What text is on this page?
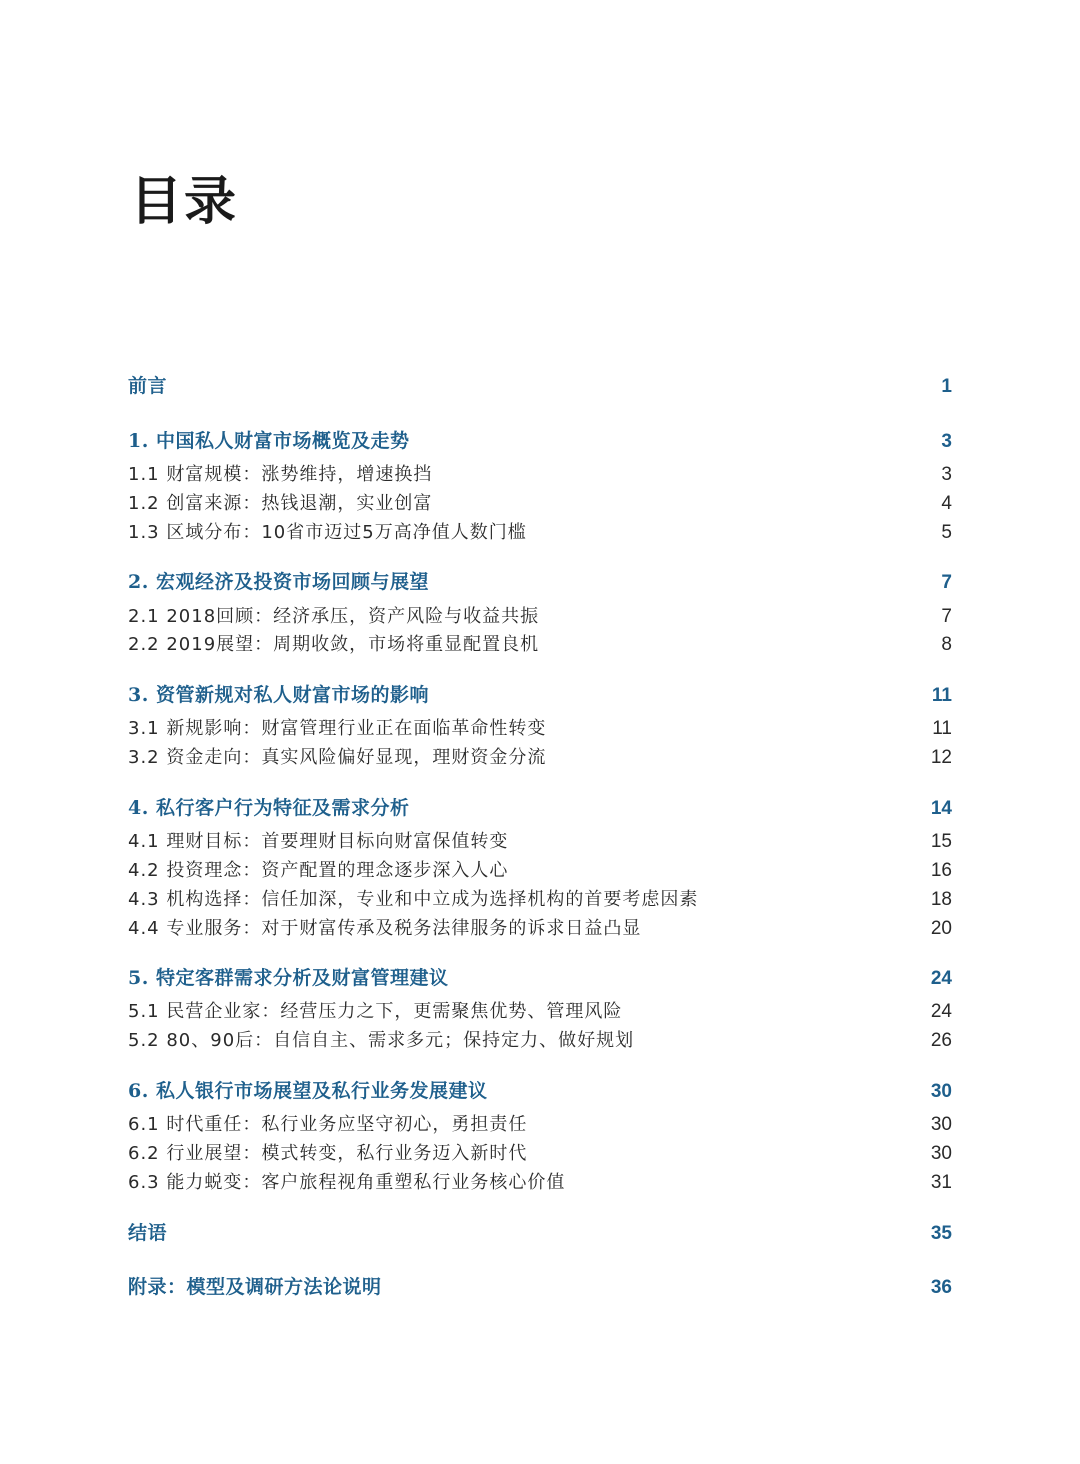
目录
前言	1
1. 中国私人财富市场概览及走势	3
1.1 财富规模：涨势维持，增速换挡	3
1.2 创富来源：热钱退潮，实业创富	4
1.3 区域分布：10省市迈过5万高净值人数门槛	5
2. 宏观经济及投资市场回顾与展望	7
2.1 2018回顾：经济承压，资产风险与收益共振	7
2.2 2019展望：周期收敛，市场将重显配置良机	8
3. 资管新规对私人财富市场的影响	11
3.1 新规影响：财富管理行业正在面临革命性转变	11
3.2 资金走向：真实风险偏好显现，理财资金分流	12
4. 私行客户行为特征及需求分析	14
4.1 理财目标：首要理财目标向财富保值转变	15
4.2 投资理念：资产配置的理念逐步深入人心	16
4.3 机构选择：信任加深，专业和中立成为选择机构的首要考虑因素	18
4.4 专业服务：对于财富传承及税务法律服务的诉求日益凸显	20
5. 特定客群需求分析及财富管理建议	24
5.1 民营企业家：经营压力之下，更需聚焦优势、管理风险	24
5.2 80、90后：自信自主、需求多元；保持定力、做好规划	26
6. 私人银行市场展望及私行业务发展建议	30
6.1 时代重任：私行业务应坚守初心，勇担责任	30
6.2 行业展望：模式转变，私行业务迈入新时代	30
6.3 能力蜕变：客户旅程视角重塑私行业务核心价值	31
结语	35
附录：模型及调研方法论说明	36
